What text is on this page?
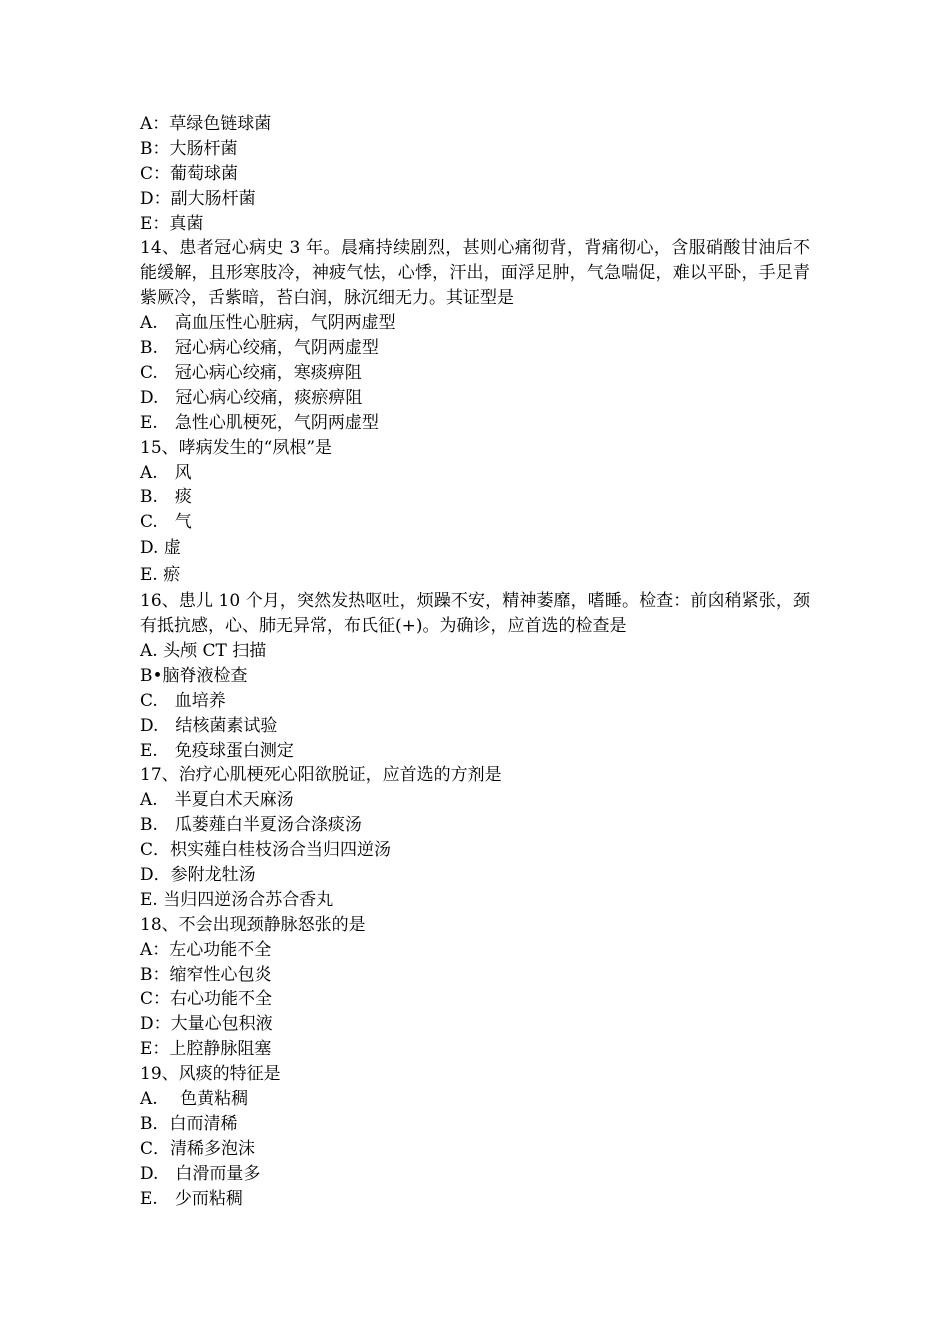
A：草绿色链球菌
B：大肠杆菌
C：葡萄球菌
D：副大肠杆菌
E：真菌
14、患者冠心病史 3 年。晨痛持续剧烈，甚则心痛彻背，背痛彻心，含服硝酸甘油后不能缓解，且形寒肢冷，神疲气怯，心悸，汗出，面浮足肿，气急喘促，难以平卧，手足青紫厥冷，舌紫暗，苔白润，脉沉细无力。其证型是
A.　高血压性心脏病，气阴两虚型
B.　冠心病心绞痛，气阴两虚型
C.　冠心病心绞痛，寒痰痹阻
D.　冠心病心绞痛，痰瘀痹阻
E.　急性心肌梗死，气阴两虚型
15、哮病发生的“夙根”是
A.　风
B.　痰
C.　气
D. 虚
E. 瘀
16、患儿 10 个月，突然发热呕吐，烦躁不安，精神萎靡，嗜睡。检查：前囟稍紧张，颈有抵抗感，心、肺无异常，布氏征(+)。为确诊，应首选的检查是
A. 头颅 CT 扫描
B•脑脊液检查
C.　血培养
D.　结核菌素试验
E.　免疫球蛋白测定
17、治疗心肌梗死心阳欲脱证，应首选的方剂是
A.　半夏白术天麻汤
B.　瓜蒌薤白半夏汤合涤痰汤
C．枳实薤白桂枝汤合当归四逆汤
D．参附龙牡汤
E. 当归四逆汤合苏合香丸
18、不会出现颈静脉怒张的是
A：左心功能不全
B：缩窄性心包炎
C：右心功能不全
D：大量心包积液
E：上腔静脉阻塞
19、风痰的特征是
A.　 色黄粘稠
B．白而清稀
C．清稀多泡沫
D.　白滑而量多
E.　少而粘稠
